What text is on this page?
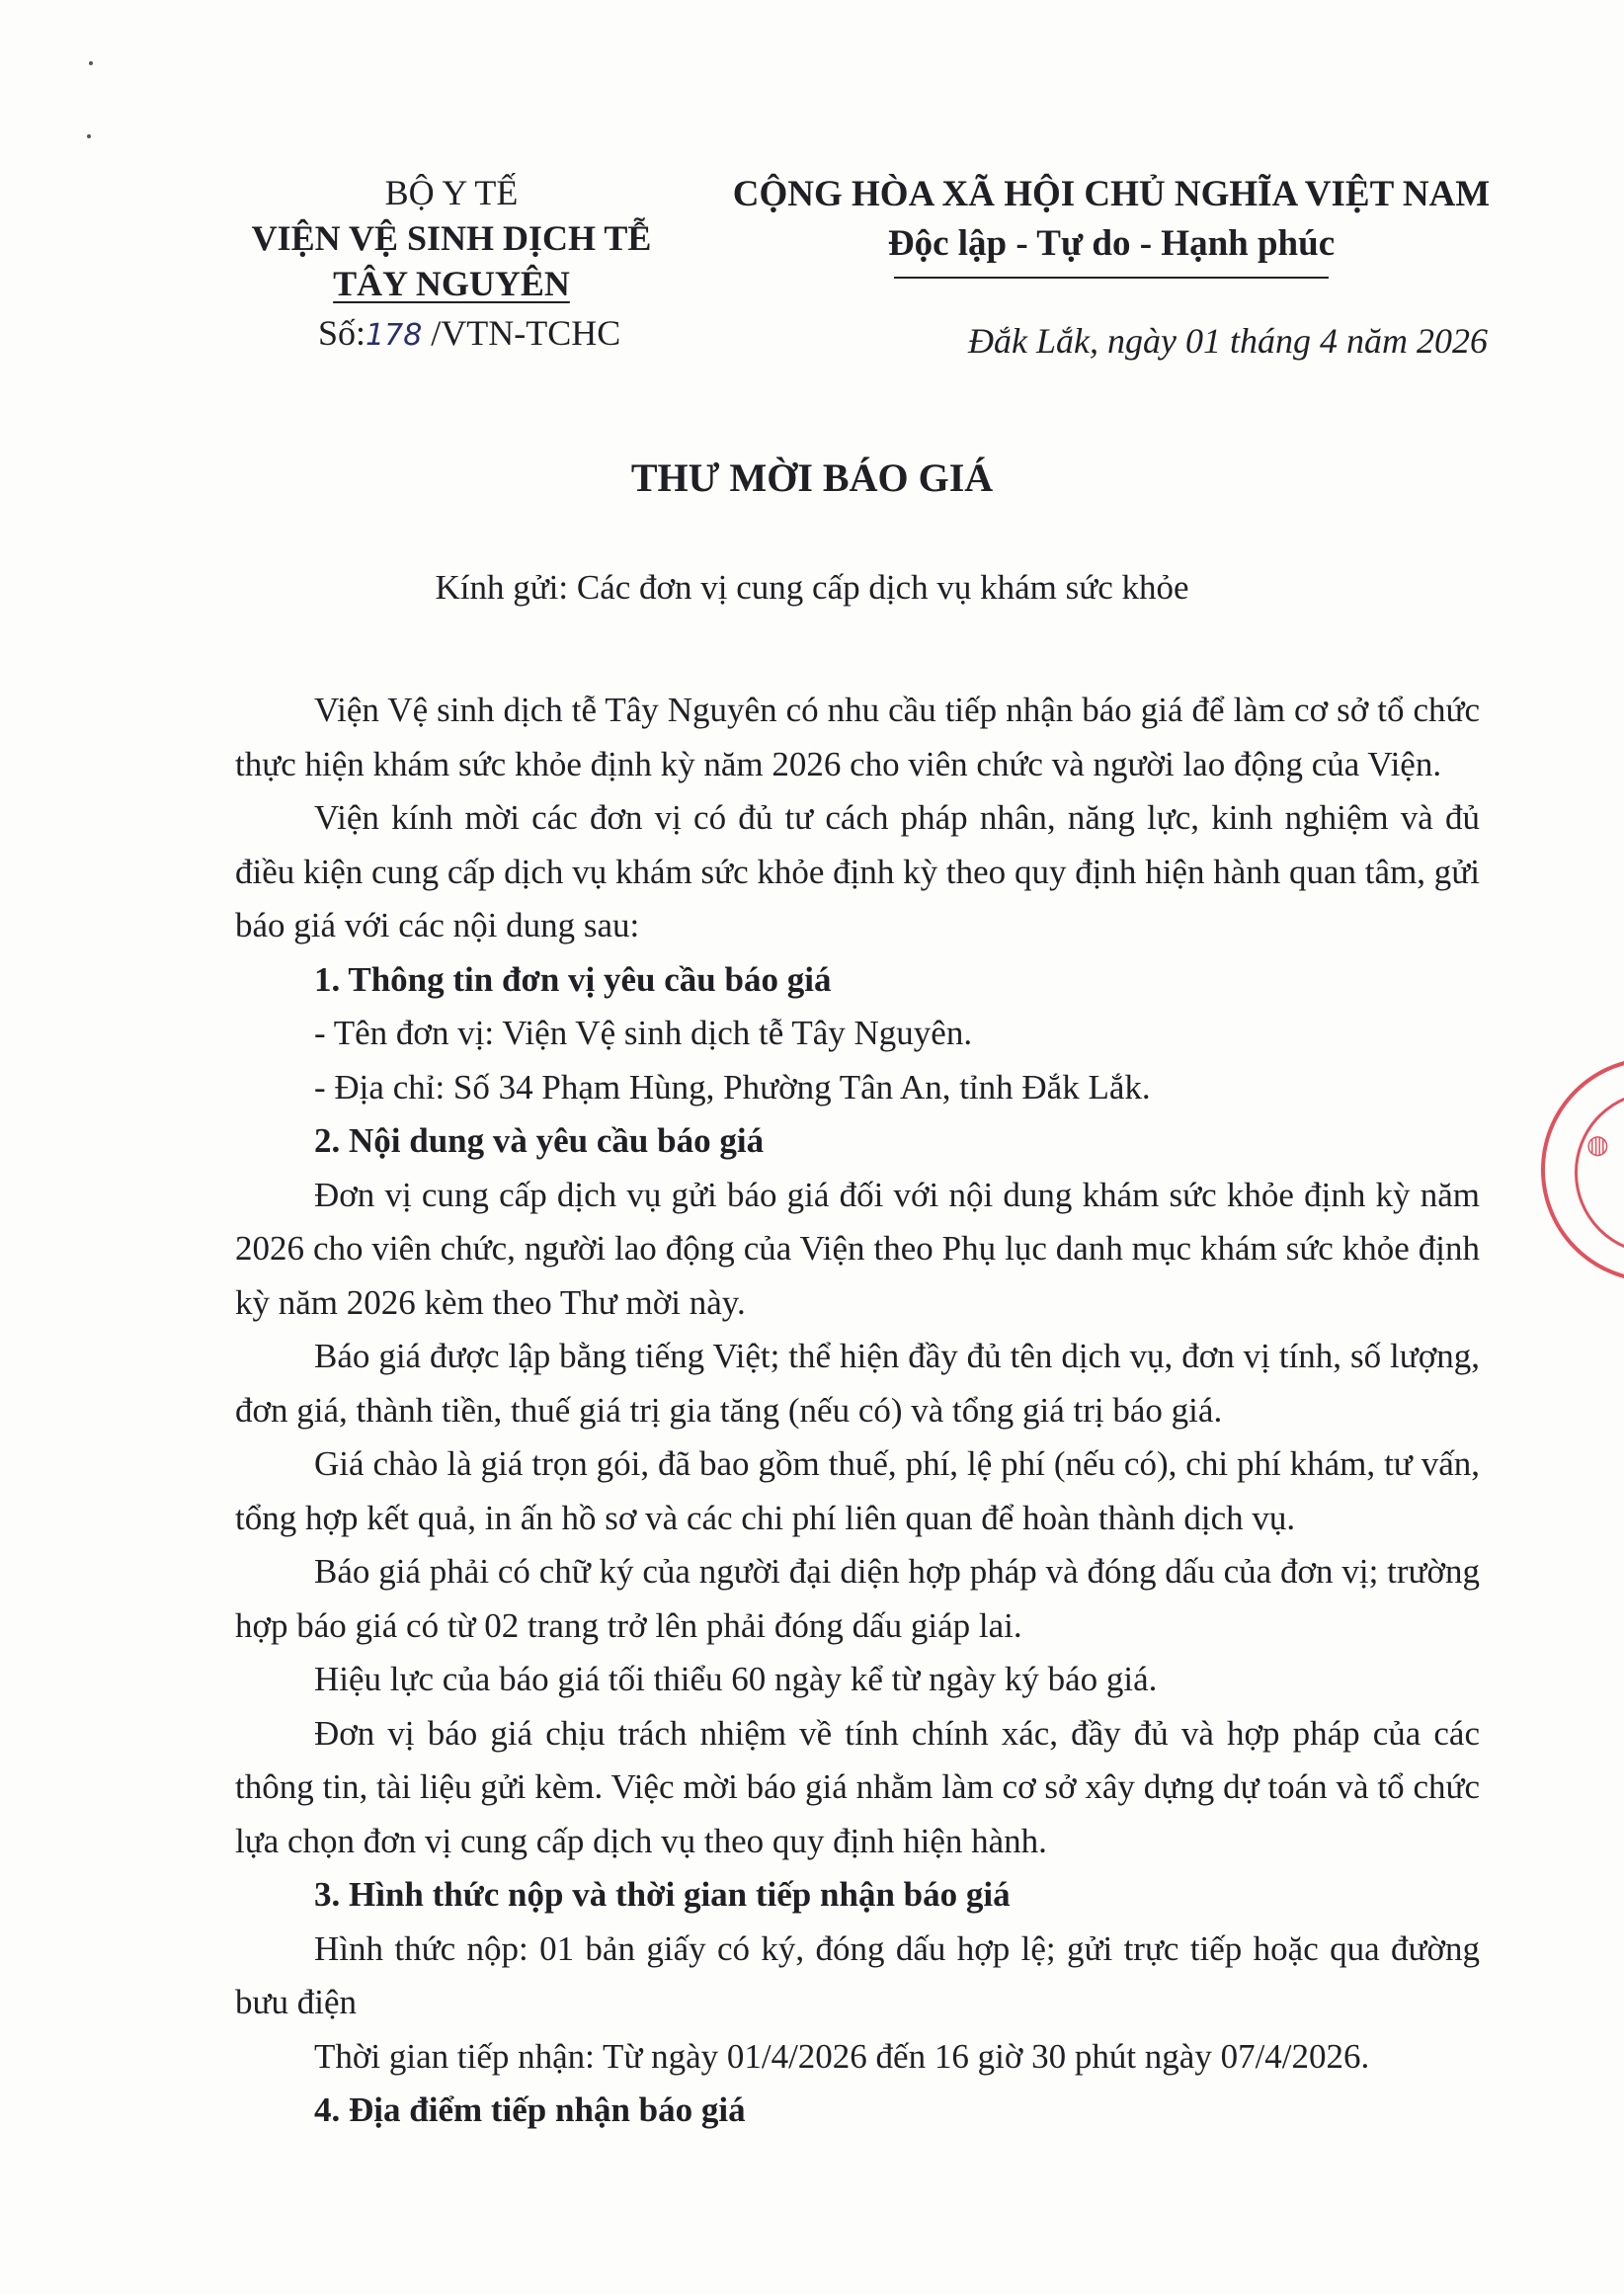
BỘ Y TẾ
VIỆN VỆ SINH DỊCH TỄ
TÂY NGUYÊN
Số:178 /VTN-TCHC
CỘNG HÒA XÃ HỘI CHỦ NGHĨA VIỆT NAM
Độc lập - Tự do - Hạnh phúc
Đắk Lắk, ngày 01 tháng 4 năm 2026
THƯ MỜI BÁO GIÁ
Kính gửi: Các đơn vị cung cấp dịch vụ khám sức khỏe

Viện Vệ sinh dịch tễ Tây Nguyên có nhu cầu tiếp nhận báo giá để làm cơ sở tổ chức thực hiện khám sức khỏe định kỳ năm 2026 cho viên chức và người lao động của Viện.

Viện kính mời các đơn vị có đủ tư cách pháp nhân, năng lực, kinh nghiệm và đủ điều kiện cung cấp dịch vụ khám sức khỏe định kỳ theo quy định hiện hành quan tâm, gửi báo giá với các nội dung sau:

1. Thông tin đơn vị yêu cầu báo giá
- Tên đơn vị: Viện Vệ sinh dịch tễ Tây Nguyên.
- Địa chỉ: Số 34 Phạm Hùng, Phường Tân An, tỉnh Đắk Lắk.
2. Nội dung và yêu cầu báo giá

Đơn vị cung cấp dịch vụ gửi báo giá đối với nội dung khám sức khỏe định kỳ năm 2026 cho viên chức, người lao động của Viện theo Phụ lục danh mục khám sức khỏe định kỳ năm 2026 kèm theo Thư mời này.

Báo giá được lập bằng tiếng Việt; thể hiện đầy đủ tên dịch vụ, đơn vị tính, số lượng, đơn giá, thành tiền, thuế giá trị gia tăng (nếu có) và tổng giá trị báo giá.

Giá chào là giá trọn gói, đã bao gồm thuế, phí, lệ phí (nếu có), chi phí khám, tư vấn, tổng hợp kết quả, in ấn hồ sơ và các chi phí liên quan để hoàn thành dịch vụ.

Báo giá phải có chữ ký của người đại diện hợp pháp và đóng dấu của đơn vị; trường hợp báo giá có từ 02 trang trở lên phải đóng dấu giáp lai.

Hiệu lực của báo giá tối thiểu 60 ngày kể từ ngày ký báo giá.

Đơn vị báo giá chịu trách nhiệm về tính chính xác, đầy đủ và hợp pháp của các thông tin, tài liệu gửi kèm. Việc mời báo giá nhằm làm cơ sở xây dựng dự toán và tổ chức lựa chọn đơn vị cung cấp dịch vụ theo quy định hiện hành.

3. Hình thức nộp và thời gian tiếp nhận báo giá

Hình thức nộp: 01 bản giấy có ký, đóng dấu hợp lệ; gửi trực tiếp hoặc qua đường bưu điện

Thời gian tiếp nhận: Từ ngày 01/4/2026 đến 16 giờ 30 phút ngày 07/4/2026.

4. Địa điểm tiếp nhận báo giá
◍
